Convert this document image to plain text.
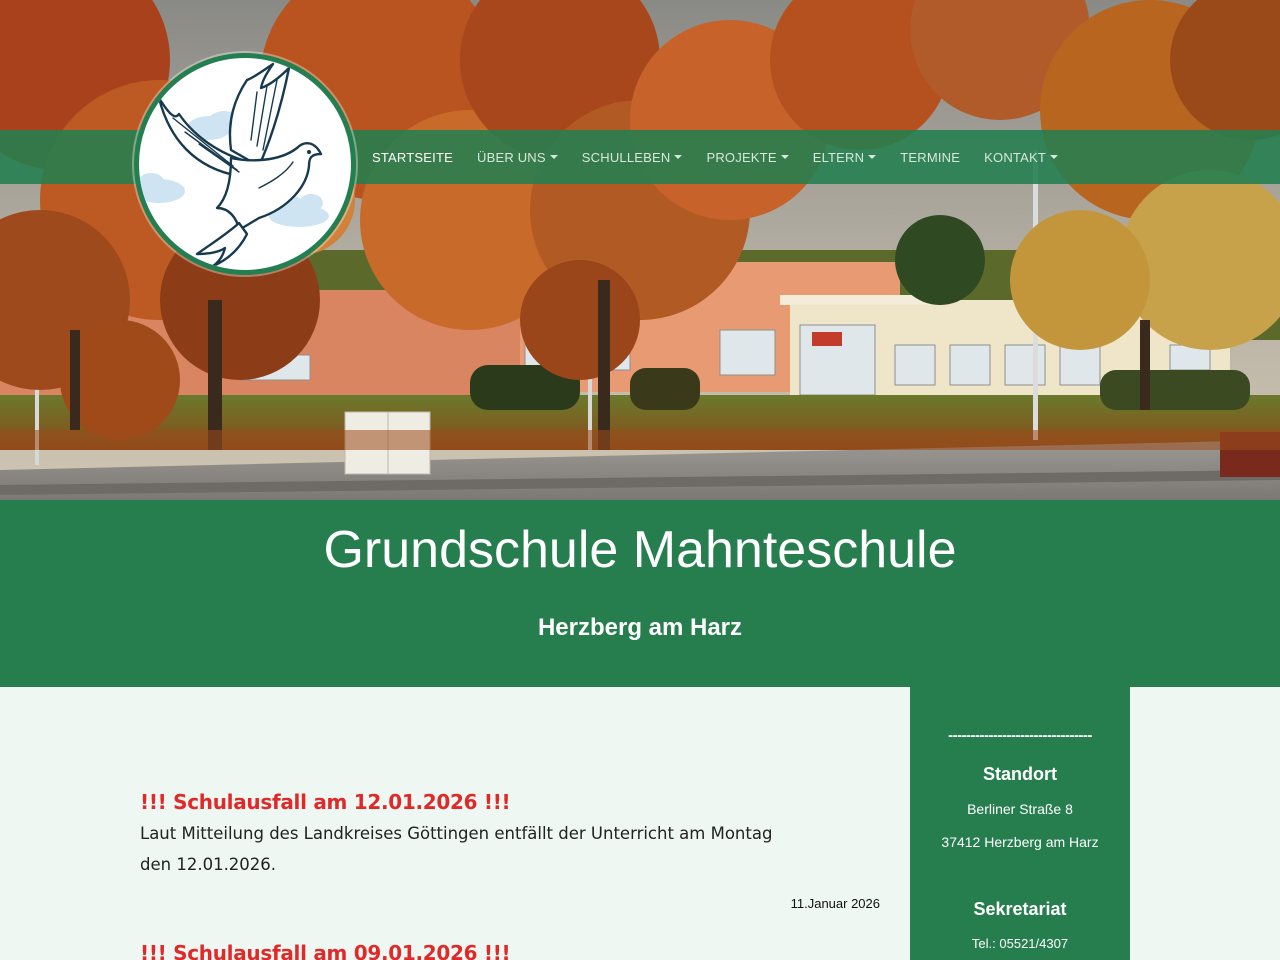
STARTSEITE ÜBER UNS	SCHULLEBEN	PROJEKTE	ELTERN	TERMINE KONTAKT
Grundschule Mahnteschule
Herzberg am Harz
!!! Schulausfall am 12.01.2026 !!!
Laut Mitteilung des Landkreises Göttingen entfällt der Unterricht am Montag den 12.01.2026.
11.Januar 2026
!!! Schulausfall am 09.01.2026 !!!
--------------------------------
Standort
Berliner Straße 8
37412 Herzberg am Harz
Sekretariat
Tel.: 05521/4307
